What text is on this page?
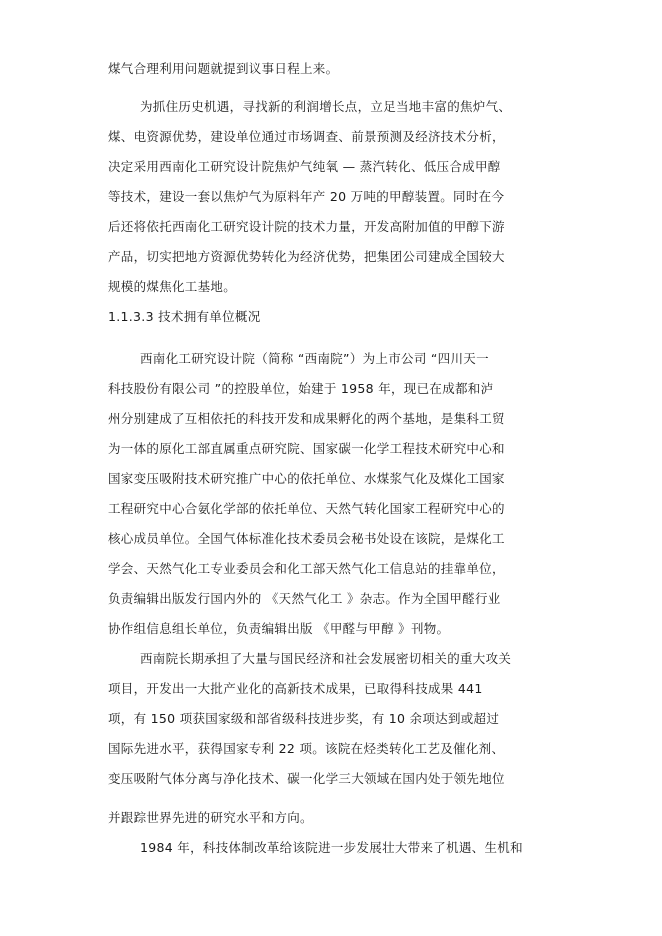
煤气合理利用问题就提到议事日程上来。
为抓住历史机遇，寻找新的利润增长点，立足当地丰富的焦炉气、
煤、电资源优势，建设单位通过市场调查、前景预测及经济技术分析，
决定采用西南化工研究设计院焦炉气纯氧 — 蒸汽转化、低压合成甲醇
等技术，建设一套以焦炉气为原料年产 20 万吨的甲醇装置。同时在今
后还将依托西南化工研究设计院的技术力量，开发高附加值的甲醇下游
产品，切实把地方资源优势转化为经济优势，把集团公司建成全国较大
规模的煤焦化工基地。
1.1.3.3 技术拥有单位概况
西南化工研究设计院（简称 “西南院”）为上市公司 “四川天一
科技股份有限公司 ”的控股单位，始建于 1958 年，现已在成都和泸
州分别建成了互相依托的科技开发和成果孵化的两个基地，是集科工贸
为一体的原化工部直属重点研究院、国家碳一化学工程技术研究中心和
国家变压吸附技术研究推广中心的依托单位、水煤浆气化及煤化工国家
工程研究中心合氨化学部的依托单位、天然气转化国家工程研究中心的
核心成员单位。全国气体标准化技术委员会秘书处设在该院，是煤化工
学会、天然气化工专业委员会和化工部天然气化工信息站的挂靠单位，
负责编辑出版发行国内外的 《天然气化工 》杂志。作为全国甲醛行业
协作组信息组长单位，负责编辑出版 《甲醛与甲醇 》刊物。
西南院长期承担了大量与国民经济和社会发展密切相关的重大攻关
项目，开发出一大批产业化的高新技术成果，已取得科技成果 441
项，有 150 项获国家级和部省级科技进步奖，有 10 余项达到或超过
国际先进水平，获得国家专利 22 项。该院在烃类转化工艺及催化剂、
变压吸附气体分离与净化技术、碳一化学三大领域在国内处于领先地位
并跟踪世界先进的研究水平和方向。
1984 年，科技体制改革给该院进一步发展壮大带来了机遇、生机和
